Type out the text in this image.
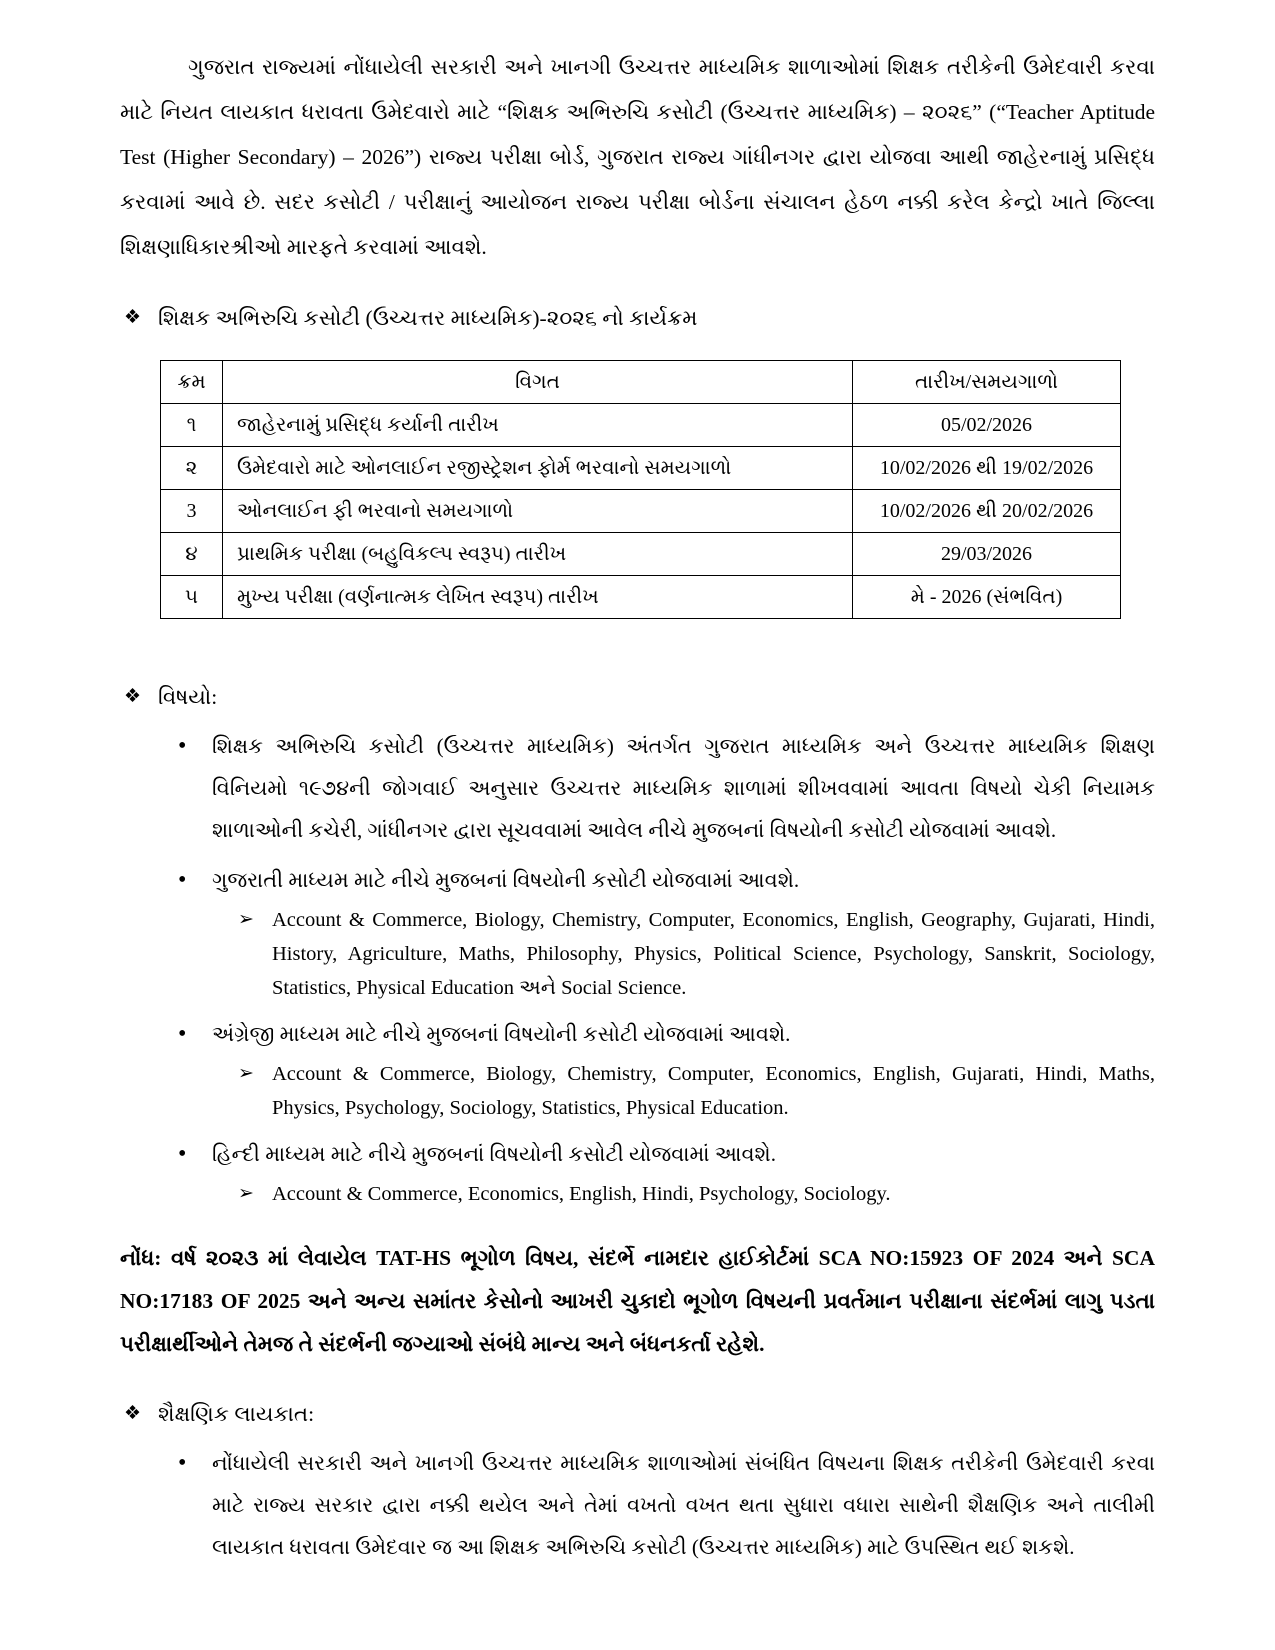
ગુજરાત રાજ્યમાં નોંધાયેલી સરકારી અને ખાનગી ઉચ્ચત્તર માધ્યમિક શાળાઓમાં શિક્ષક તરીકેની ઉમેદવારી કરવા માટે નિયત લાયકાત ધરાવતા ઉમેદવારો માટે “શિક્ષક અભિરુચિ કસોટી (ઉચ્ચત્તર માધ્યમિક) – ૨૦૨૬” (“Teacher Aptitude Test (Higher Secondary) – 2026”) રાજ્ય પરીક્ષા બોર્ડ, ગુજરાત રાજ્ય ગાંધીનગર દ્વારા યોજવા આથી જાહેરનામું પ્રસિદ્ધ કરવામાં આવે છે. સદર કસોટી / પરીક્ષાનું આયોજન રાજ્ય પરીક્ષા બોર્ડના સંચાલન હેઠળ નક્કી કરેલ કેન્દ્રો ખાતે જિલ્લા શિક્ષણાધિકારશ્રીઓ મારફતે કરવામાં આવશે.

❖ શિક્ષક અભિરુચિ કસોટી (ઉચ્ચત્તર માધ્યમિક)-૨૦૨૬ નો કાર્યક્રમ
ક્રમ	વિગત	તારીખ/સમયગાળો
૧	જાહેરનામું પ્રસિદ્ધ કર્યાની તારીખ	05/02/2026
૨	ઉમેદવારો માટે ઓનલાઈન રજીસ્ટ્રેશન ફોર્મ ભરવાનો સમયગાળો	10/02/2026 થી 19/02/2026
3	ઓનલાઈન ફી ભરવાનો સમયગાળો	10/02/2026 થી 20/02/2026
૪	પ્રાથમિક પરીક્ષા (બહુવિકલ્પ સ્વરૂપ) તારીખ	29/03/2026
૫	મુખ્ય પરીક્ષા (વર્ણનાત્મક લેખિત સ્વરૂપ) તારીખ	મે - 2026 (સંભવિત)
❖ વિષયો:
•	શિક્ષક અભિરુચિ કસોટી (ઉચ્ચત્તર માધ્યમિક) અંતર્ગત ગુજરાત માધ્યમિક અને ઉચ્ચત્તર માધ્યમિક શિક્ષણ વિનિયમો ૧૯૭૪ની જોગવાઈ અનુસાર ઉચ્ચત્તર માધ્યમિક શાળામાં શીખવવામાં આવતા વિષયો ચેકી નિયામક શાળાઓની કચેરી, ગાંધીનગર દ્વારા સૂચવવામાં આવેલ નીચે મુજબનાં વિષયોની કસોટી યોજવામાં આવશે.
•	ગુજરાતી માધ્યમ માટે નીચે મુજબનાં વિષયોની કસોટી યોજવામાં આવશે.
➢ Account & Commerce, Biology, Chemistry, Computer, Economics, English, Geography, Gujarati, Hindi, History, Agriculture, Maths, Philosophy, Physics, Political Science, Psychology, Sanskrit, Sociology, Statistics, Physical Education અને Social Science.
•	અંગ્રેજી માધ્યમ માટે નીચે મુજબનાં વિષયોની કસોટી યોજવામાં આવશે.
➢ Account & Commerce, Biology, Chemistry, Computer, Economics, English, Gujarati, Hindi, Maths, Physics, Psychology, Sociology, Statistics, Physical Education.
•	હિન્દી માધ્યમ માટે નીચે મુજબનાં વિષયોની કસોટી યોજવામાં આવશે.
➢ Account & Commerce, Economics, English, Hindi, Psychology, Sociology.

નોંધ: વર્ષ ૨૦૨૩ માં લેવાયેલ TAT-HS ભૂગોળ વિષય, સંદર્ભે નામદાર હાઈકોર્ટમાં SCA NO:15923 OF 2024 અને SCA NO:17183 OF 2025 અને અન્ય સમાંતર કેસોનો આખરી ચુકાદો ભૂગોળ વિષયની પ્રવર્તમાન પરીક્ષાના સંદર્ભમાં લાગુ પડતા પરીક્ષાર્થીઓને તેમજ તે સંદર્ભની જગ્યાઓ સંબંધે માન્ય અને બંધનકર્તા રહેશે.

❖ શૈક્ષણિક લાયકાત:
•	નોંધાયેલી સરકારી અને ખાનગી ઉચ્ચત્તર માધ્યમિક શાળાઓમાં સંબંધિત વિષયના શિક્ષક તરીકેની ઉમેદવારી કરવા માટે રાજ્ય સરકાર દ્વારા નક્કી થયેલ અને તેમાં વખતો વખત થતા સુધારા વધારા સાથેની શૈક્ષણિક અને તાલીમી લાયકાત ધરાવતા ઉમેદવાર જ આ શિક્ષક અભિરુચિ કસોટી (ઉચ્ચત્તર માધ્યમિક) માટે ઉપસ્થિત થઈ શકશે.
